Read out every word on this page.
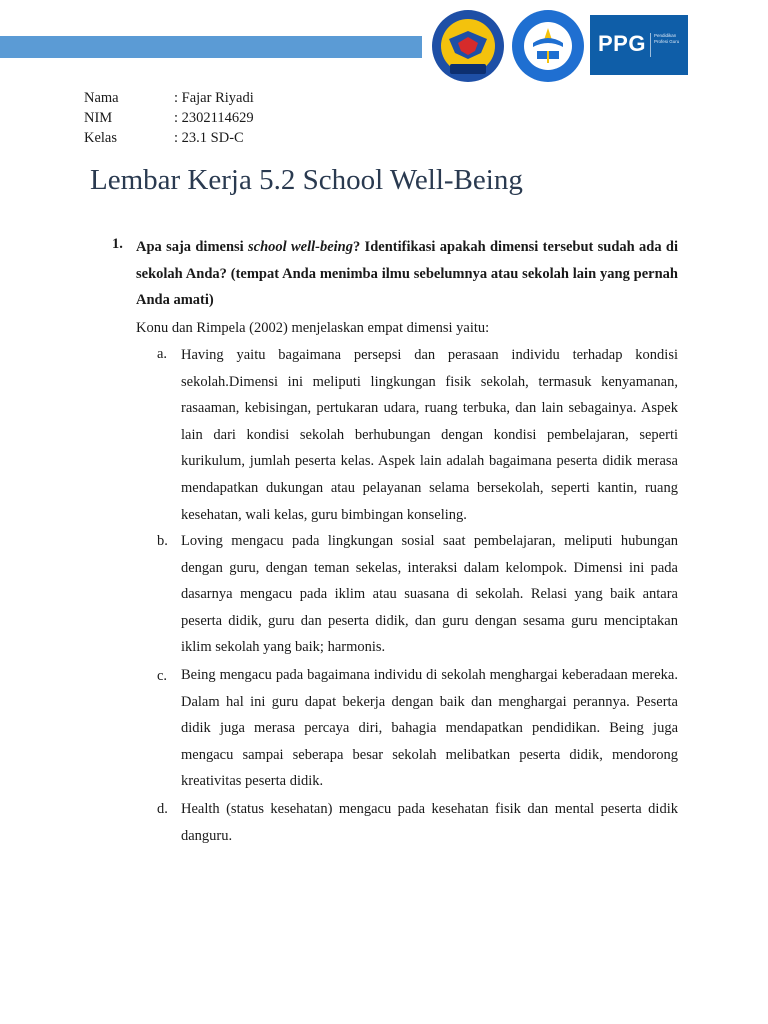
PPG Pendidikan Profesi Guru
Nama	: Fajar Riyadi
NIM	: 2302114629
Kelas	: 23.1 SD-C
Lembar Kerja 5.2 School Well-Being
1. Apa saja dimensi school well-being? Identifikasi apakah dimensi tersebut sudah ada di sekolah Anda? (tempat Anda menimba ilmu sebelumnya atau sekolah lain yang pernah Anda amati)
Konu dan Rimpela (2002) menjelaskan empat dimensi yaitu:
a. Having yaitu bagaimana persepsi dan perasaan individu terhadap kondisi sekolah.Dimensi ini meliputi lingkungan fisik sekolah, termasuk kenyamanan, rasaaman, kebisingan, pertukaran udara, ruang terbuka, dan lain sebagainya. Aspek lain dari kondisi sekolah berhubungan dengan kondisi pembelajaran, seperti kurikulum, jumlah peserta kelas. Aspek lain adalah bagaimana peserta didik merasa mendapatkan dukungan atau pelayanan selama bersekolah, seperti kantin, ruang kesehatan, wali kelas, guru bimbingan konseling.
b. Loving mengacu pada lingkungan sosial saat pembelajaran, meliputi hubungan dengan guru, dengan teman sekelas, interaksi dalam kelompok. Dimensi ini pada dasarnya mengacu pada iklim atau suasana di sekolah. Relasi yang baik antara peserta didik, guru dan peserta didik, dan guru dengan sesama guru menciptakan iklim sekolah yang baik; harmonis.
c. Being mengacu pada bagaimana individu di sekolah menghargai keberadaan mereka. Dalam hal ini guru dapat bekerja dengan baik dan menghargai perannya. Peserta didik juga merasa percaya diri, bahagia mendapatkan pendidikan. Being juga mengacu sampai seberapa besar sekolah melibatkan peserta didik, mendorong kreativitas peserta didik.
d. Health (status kesehatan) mengacu pada kesehatan fisik dan mental peserta didik danguru.
